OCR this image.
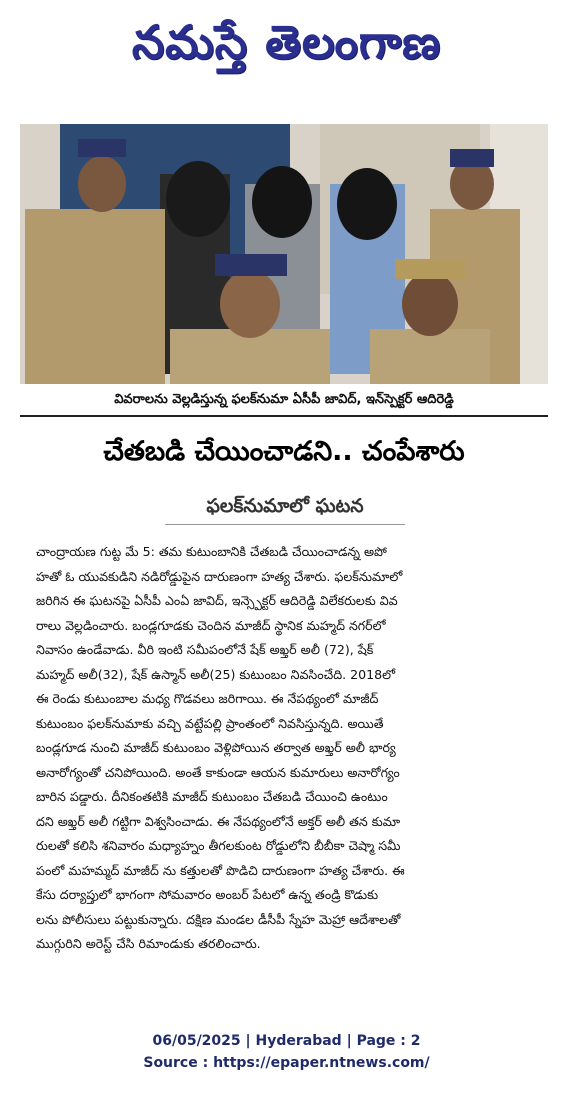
నమస్తే తెలంగాణ
వివరాలను వెల్లడిస్తున్న ఫలక్‌నుమా ఏసీపీ జావిద్‌, ఇన్‌స్పెక్టర్‌ ఆదిరెడ్డి
చేతబడి చేయించాడని.. చంపేశారు
ఫలక్‌నుమాలో ఘటన
చాంద్రాయణ గుట్ట మే 5: తమ కుటుంబానికి చేతబడి చేయించాడన్న అపో
హతో ఓ యువకుడిని నడిరోడ్డుపైన దారుణంగా హత్య చేశారు. ఫలక్‌నుమాలో
జరిగిన ఈ ఘటనపై ఏసీపీ ఎంఏ జావిద్‌, ఇన్స్పెక్టర్‌ ఆదిరెడ్డి విలేకరులకు వివ
రాలు వెల్లడించారు. బండ్లగూడకు చెందిన మాజీద్‌ స్థానిక మహ్మద్‌ నగర్‌లో
నివాసం ఉండేవాడు. వీరి ఇంటి సమీపంలోనే షేక్‌ అఖ్తర్‌ అలీ (72), షేక్‌
మహ్మద్‌ అలీ(32), షేక్‌ ఉస్మాన్‌ అలీ(25) కుటుంబం నివసించేది. 2018లో
ఈ రెండు కుటుంబాల మధ్య గొడవలు జరిగాయి. ఈ నేపథ్యంలో మాజీద్‌
కుటుంబం ఫలక్‌నుమాకు వచ్చి వట్టేపల్లి ప్రాంతంలో నివసిస్తున్నది. అయితే
బండ్లగూడ నుంచి మాజీద్‌ కుటుంబం వెళ్లిపోయిన తర్వాత అఖ్తర్‌ అలీ భార్య
అనారోగ్యంతో చనిపోయింది. అంతే కాకుండా ఆయన కుమారులు అనారోగ్యం
బారిన పడ్డారు. దీనికంతటికి మాజీద్‌ కుటుంబం చేతబడి చేయించి ఉంటుం
దని అఖ్తర్‌ అలీ గట్టిగా విశ్వసించాడు. ఈ నేపథ్యంలోనే అక్తర్‌ అలీ తన కుమా
రులతో కలిసి శనివారం మధ్యాహ్నం తీగలకుంట రోడ్డులోని బీబీకా చెష్మా సమీ
పంలో మహమ్మద్‌ మాజీద్‌ ను కత్తులతో పొడిచి దారుణంగా హత్య చేశారు. ఈ
కేసు దర్యాప్తులో భాగంగా సోమవారం అంబర్‌ పేటలో ఉన్న తండ్రి కొడుకు
లను పోలీసులు పట్టుకున్నారు. దక్షిణ మండల డీసీపీ స్నేహ మెహ్రా ఆదేశాలతో
ముగ్గురిని అరెస్ట్‌ చేసి రిమాండుకు తరలించారు.
06/05/2025 | Hyderabad | Page : 2
Source : https://epaper.ntnews.com/
